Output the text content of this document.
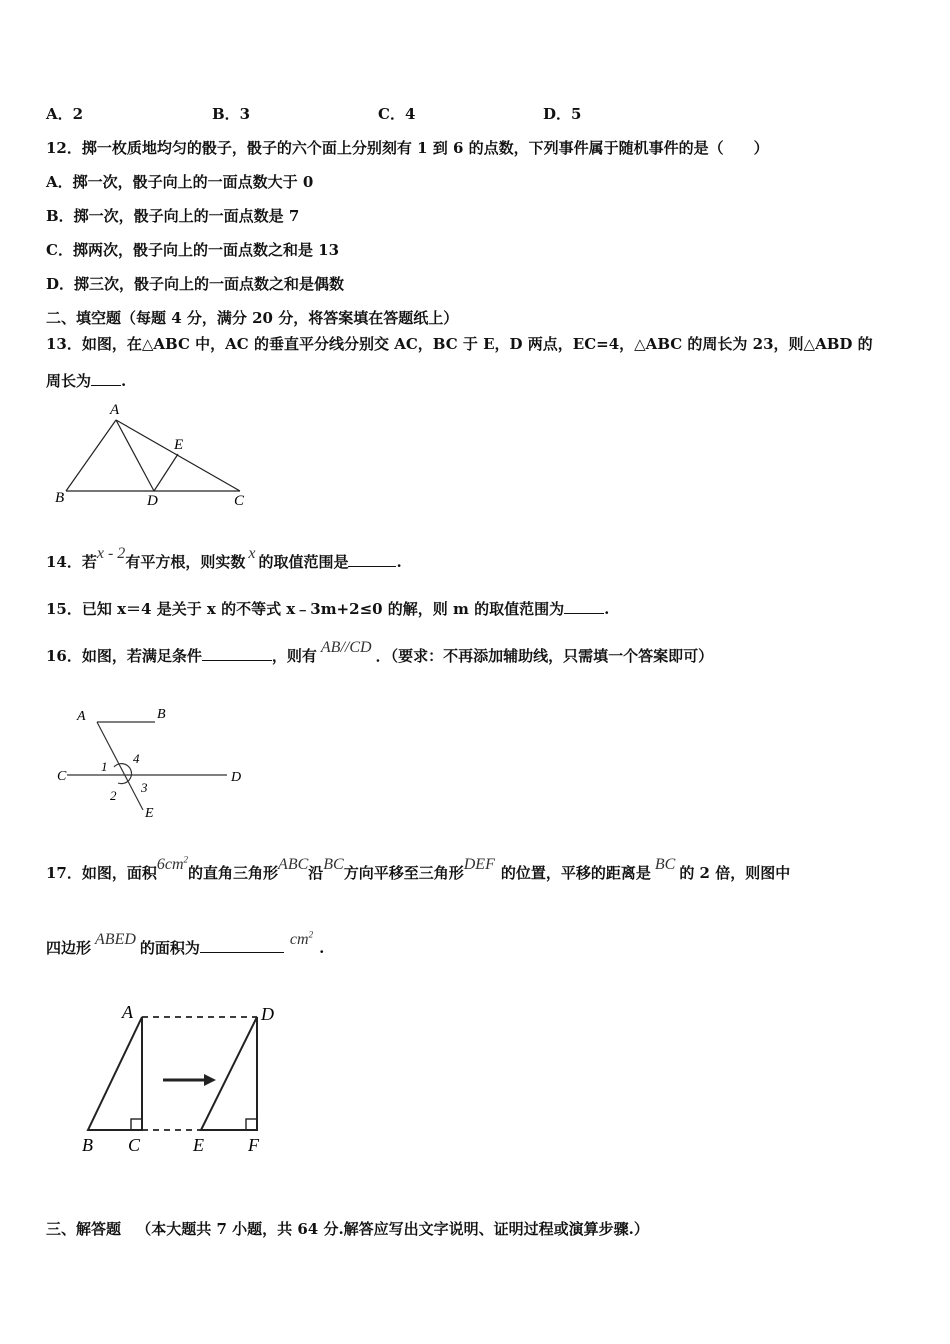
A．2	B．3	C．4	D．5
12．掷一枚质地均匀的骰子，骰子的六个面上分别刻有 1 到 6 的点数，下列事件属于随机事件的是（　　）
A．掷一次，骰子向上的一面点数大于 0
B．掷一次，骰子向上的一面点数是 7
C．掷两次，骰子向上的一面点数之和是 13
D．掷三次，骰子向上的一面点数之和是偶数
二、填空题（每题 4 分，满分 20 分，将答案填在答题纸上）
13．如图，在△ABC 中，AC 的垂直平分线分别交 AC，BC 于 E，D 两点，EC=4，△ABC 的周长为 23，则△ABD 的
周长为 .
A
B	C
D
E
14．若x - 2有平方根，则实数 x 的取值范围是	.
15．已知 x＝4 是关于 x 的不等式 x﹣3m+2≤0 的解，则 m 的取值范围为	.
16．如图，若满足条件	，则有 AB//CD ．（要求：不再添加辅助线，只需填一个答案即可）
A	B
C	D
E
1
2
3
4
17．如图，面积$6cm^2$的直角三角形ABC沿BC方向平移至三角形DEF 的位置，平移的距离是 BC 的 2 倍，则图中
四边形 ABED 的面积为	$cm^2$.
A
B C
D
E F
三、解答题 （本大题共 7 小题，共 64 分.解答应写出文字说明、证明过程或演算步骤.）
